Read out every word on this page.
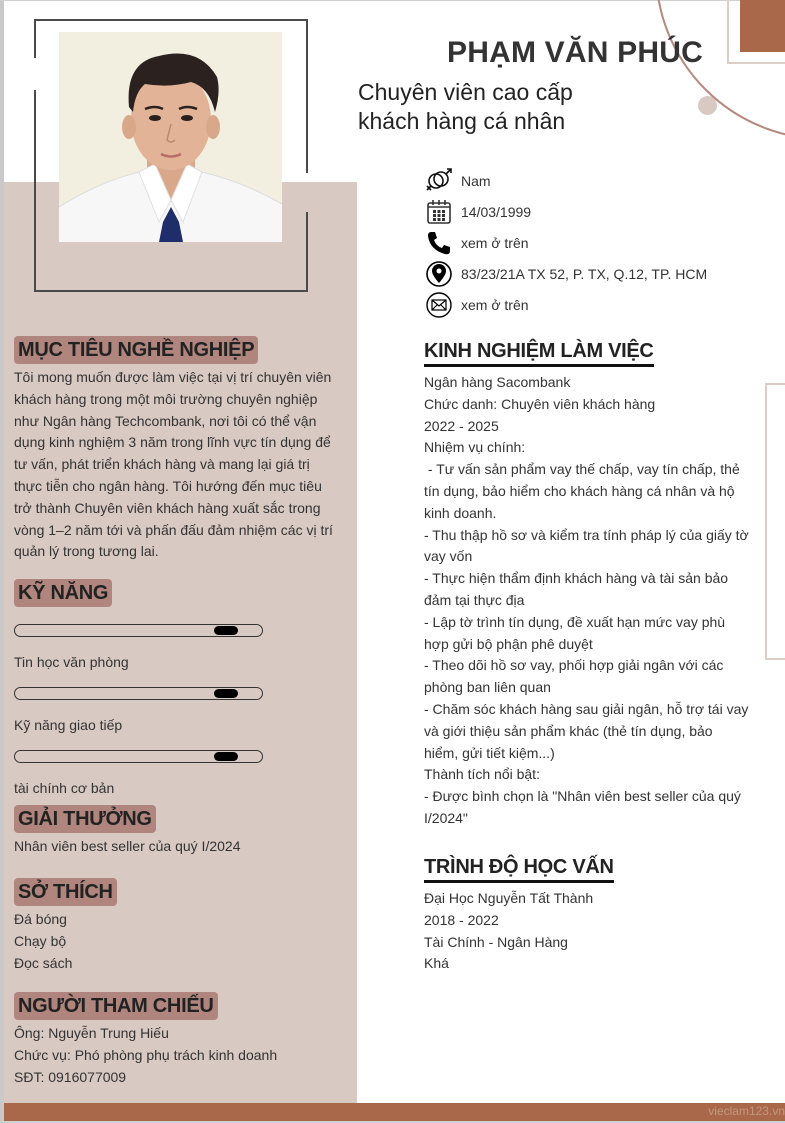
PHẠM VĂN PHÚC
Chuyên viên cao cấp
khách hàng cá nhân
Nam
14/03/1999
xem ở trên
83/23/21A TX 52, P. TX, Q.12, TP. HCM
xem ở trên
MỤC TIÊU NGHỀ NGHIỆP
Tôi mong muốn được làm việc tại vị trí chuyên viên
khách hàng trong một môi trường chuyên nghiệp
như Ngân hàng Techcombank, nơi tôi có thể vận
dụng kinh nghiệm 3 năm trong lĩnh vực tín dụng để
tư vấn, phát triển khách hàng và mang lại giá trị
thực tiễn cho ngân hàng. Tôi hướng đến mục tiêu
trở thành Chuyên viên khách hàng xuất sắc trong
vòng 1–2 năm tới và phấn đấu đảm nhiệm các vị trí
quản lý trong tương lai.
KỸ NĂNG
Tin học văn phòng
Kỹ năng giao tiếp
tài chính cơ bản
GIẢI THƯỞNG
Nhân viên best seller của quý I/2024
SỞ THÍCH
Đá bóng
Chạy bộ
Đọc sách
NGƯỜI THAM CHIẾU
Ông: Nguyễn Trung Hiếu
Chức vụ: Phó phòng phụ trách kinh doanh
SĐT: 0916077009
KINH NGHIỆM LÀM VIỆC
Ngân hàng Sacombank
Chức danh: Chuyên viên khách hàng
2022 - 2025
Nhiệm vụ chính:
- Tư vấn sản phẩm vay thế chấp, vay tín chấp, thẻ
tín dụng, bảo hiểm cho khách hàng cá nhân và hộ
kinh doanh.
- Thu thập hồ sơ và kiểm tra tính pháp lý của giấy tờ
vay vốn
- Thực hiện thẩm định khách hàng và tài sản bảo
đảm tại thực địa
- Lập tờ trình tín dụng, đề xuất hạn mức vay phù
hợp gửi bộ phận phê duyệt
- Theo dõi hồ sơ vay, phối hợp giải ngân với các
phòng ban liên quan
- Chăm sóc khách hàng sau giải ngân, hỗ trợ tái vay
và giới thiệu sản phẩm khác (thẻ tín dụng, bảo
hiểm, gửi tiết kiệm...)
Thành tích nổi bật:
- Được bình chọn là "Nhân viên best seller của quý
I/2024"
TRÌNH ĐỘ HỌC VẤN
Đại Học Nguyễn Tất Thành
2018 - 2022
Tài Chính - Ngân Hàng
Khá
vieclam123.vn
